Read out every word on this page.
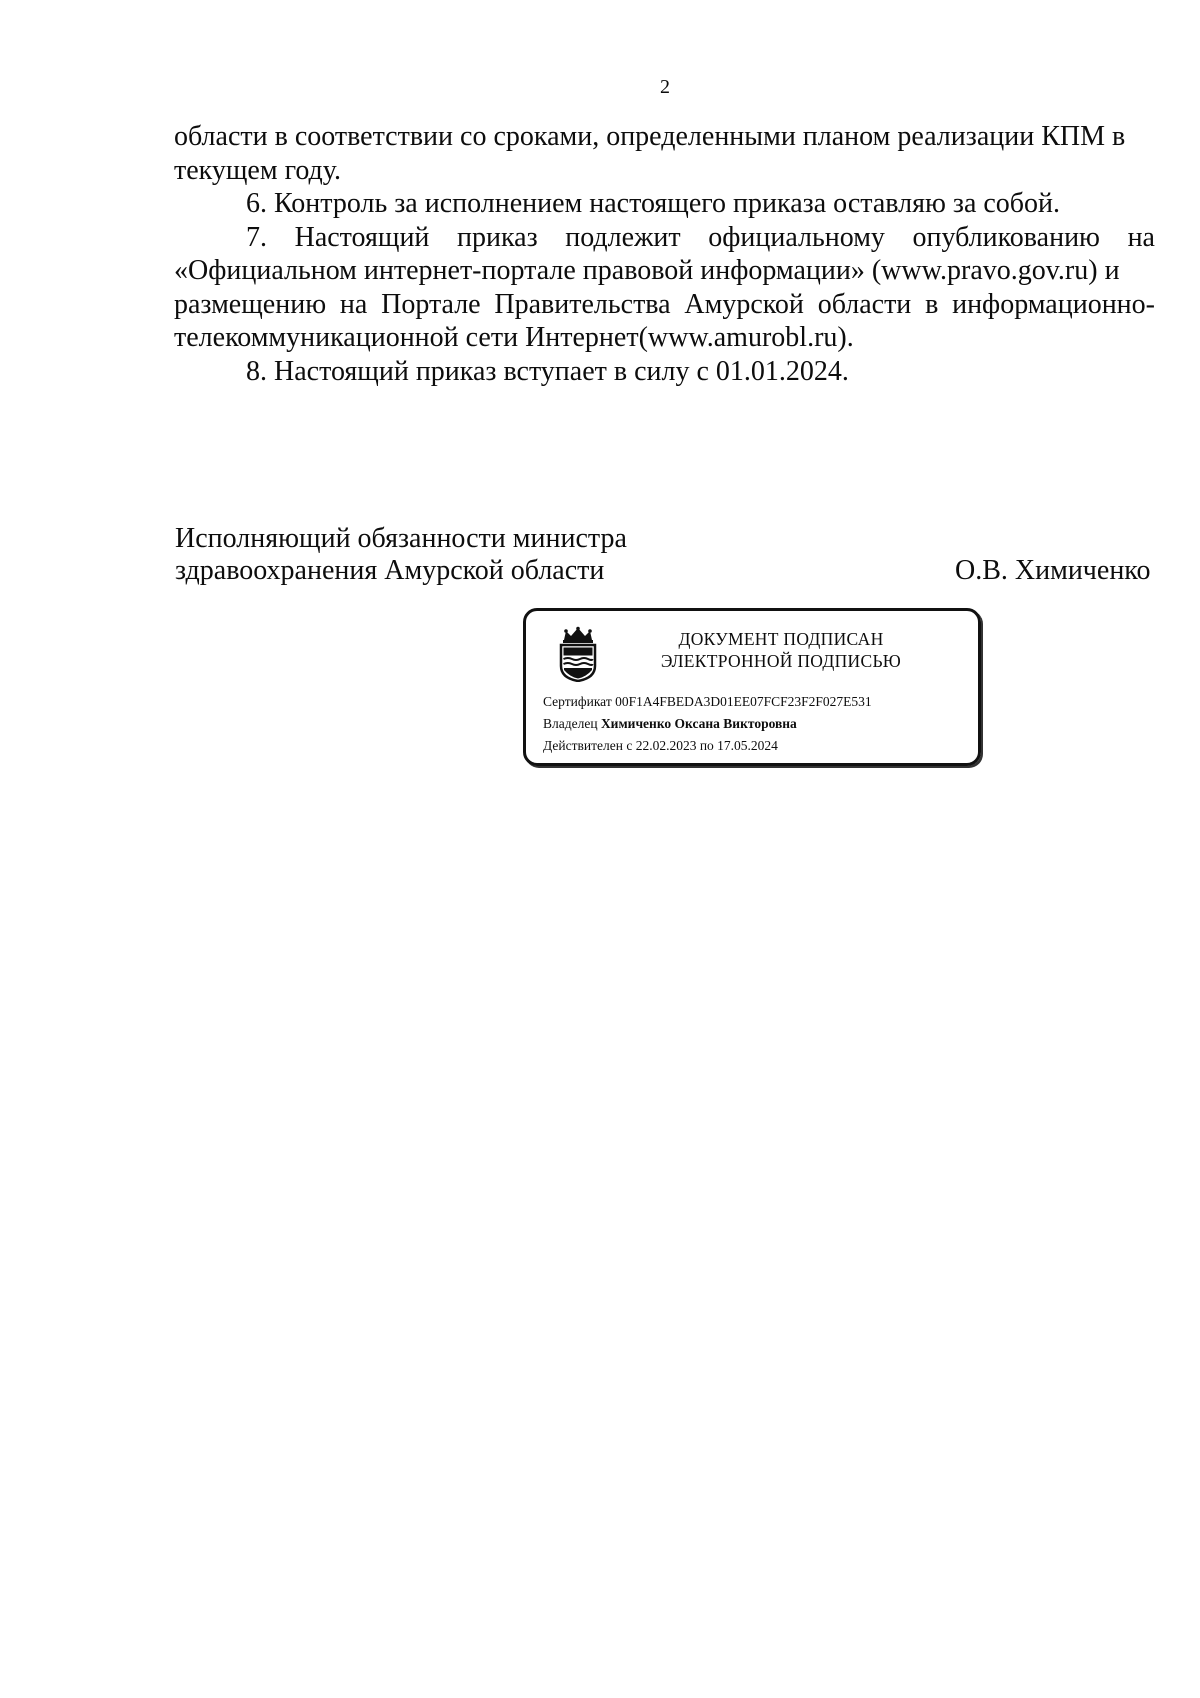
2
области в соответствии со сроками, определенными планом реализации КПМ в
текущем году.
6. Контроль за исполнением настоящего приказа оставляю за собой.
7. Настоящий приказ подлежит официальному опубликованию на
«Официальном интернет-портале правовой информации» (www.pravo.gov.ru) и
размещению на Портале Правительства Амурской области в информационно-
телекоммуникационной сети Интернет(www.amurobl.ru).
8. Настоящий приказ вступает в силу с 01.01.2024.
Исполняющий обязанности министра
здравоохранения Амурской области	О.В. Химиченко
ДОКУМЕНТ ПОДПИСАН
ЭЛЕКТРОННОЙ ПОДПИСЬЮ
Сертификат 00F1A4FBEDA3D01EE07FCF23F2F027E531
Владелец Химиченко Оксана Викторовна
Действителен с 22.02.2023 по 17.05.2024
